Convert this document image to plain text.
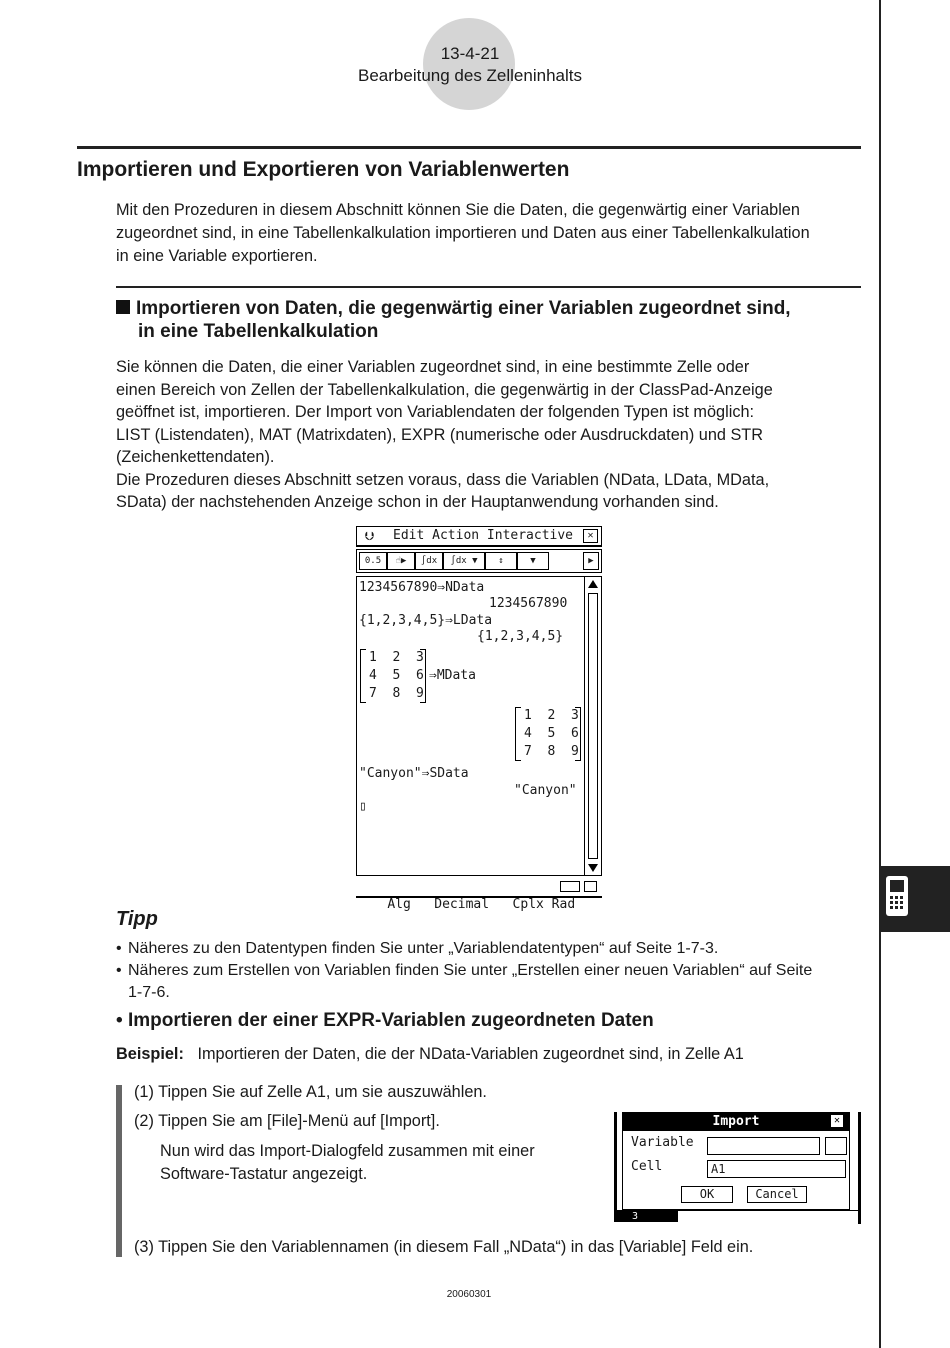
13-4-21
Bearbeitung des Zelleninhalts
Importieren und Exportieren von Variablenwerten
Mit den Prozeduren in diesem Abschnitt können Sie die Daten, die gegenwärtig einer Variablen
zugeordnet sind, in eine Tabellenkalkulation importieren und Daten aus einer Tabellenkalkulation
in eine Variable exportieren.
Importieren von Daten, die gegenwärtig einer Variablen zugeordnet sind,
in eine Tabellenkalkulation
Sie können die Daten, die einer Variablen zugeordnet sind, in eine bestimmte Zelle oder
einen Bereich von Zellen der Tabellenkalkulation, die gegenwärtig in der ClassPad-Anzeige
geöffnet ist, importieren. Der Import von Variablendaten der folgenden Typen ist möglich:
LIST (Listendaten), MAT (Matrixdaten), EXPR (numerische oder Ausdruckdaten) und STR
(Zeichenkettendaten).
Die Prozeduren dieses Abschnitt setzen voraus, dass die Variablen (NData, LData, MData,
SData) der nachstehenden Anzeige schon in der Hauptanwendung vorhanden sind.
⮋ Edit Action Interactive	✕
0.5	☝▶	∫dx	∫dx ▼	↕	▼	▶
1234567890⇒NData
1234567890
{1,2,3,4,5}⇒LData
{1,2,3,4,5}
1  2  3
4  5  6
7  8  9
⇒MData
1  2  3
4  5  6
7  8  9
"Canyon"⇒SData
"Canyon"
▯

Alg   Decimal   Cplx Rad

Tipp
• Näheres zu den Datentypen finden Sie unter „Variablendatentypen“ auf Seite 1-7-3.
• Näheres zum Erstellen von Variablen finden Sie unter „Erstellen einer neuen Variablen“ auf Seite
1-7-6.
• Importieren der einer EXPR-Variablen zugeordneten Daten
Beispiel: Importieren der Daten, die der NData-Variablen zugeordnet sind, in Zelle A1
(1) Tippen Sie auf Zelle A1, um sie auszuwählen.
(2) Tippen Sie am [File]-Menü auf [Import].
Nun wird das Import-Dialogfeld zusammen mit einer
Software-Tastatur angezeigt.
Import	✕
Variable
Cell	A1
OK	Cancel
3
(3) Tippen Sie den Variablennamen (in diesem Fall „NData“) in das [Variable] Feld ein.
20060301
